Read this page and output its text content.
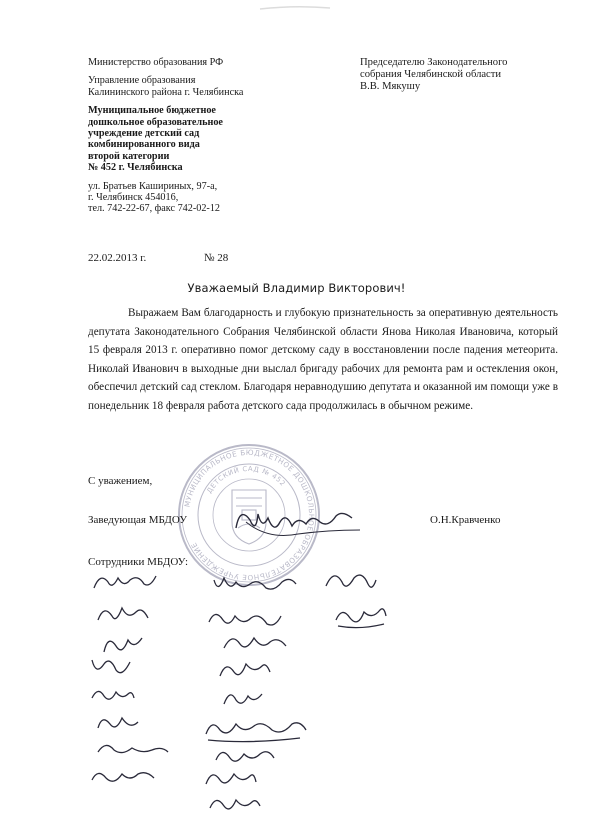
Министерство образования РФ
Управление образования
Калининского района г. Челябинска
Муниципальное бюджетное
дошкольное образовательное
учреждение детский сад
комбинированного вида
второй категории
№ 452 г. Челябинска
ул. Братьев Кашириных, 97-а,
г. Челябинск 454016,
тел. 742-22-67, факс 742-02-12
Председателю Законодательного
собрания Челябинской области
В.В. Мякушу
22.02.2013 г.	№ 28
Уважаемый Владимир Викторович!
Выражаем Вам благодарность и глубокую признательность за оперативную деятельность депутата Законодательного Собрания Челябинской области Янова Николая Ивановича, который 15 февраля 2013 г. оперативно помог детскому саду в восстановлении после падения метеорита. Николай Иванович в выходные дни выслал бригаду рабочих для ремонта рам и остекления окон, обеспечил детский сад стеклом. Благодаря неравнодушию депутата и оказанной им помощи уже в понедельник 18 февраля работа детского сада продолжилась в обычном режиме.
С уважением,
МУНИЦИПАЛЬНОЕ БЮДЖЕТНОЕ ДОШКОЛЬНОЕ ОБРАЗОВАТЕЛЬНОЕ УЧРЕЖДЕНИЕ
ДЕТСКИЙ САД № 452
Заведующая МБДОУ	О.Н.Кравченко
Сотрудники МБДОУ:
